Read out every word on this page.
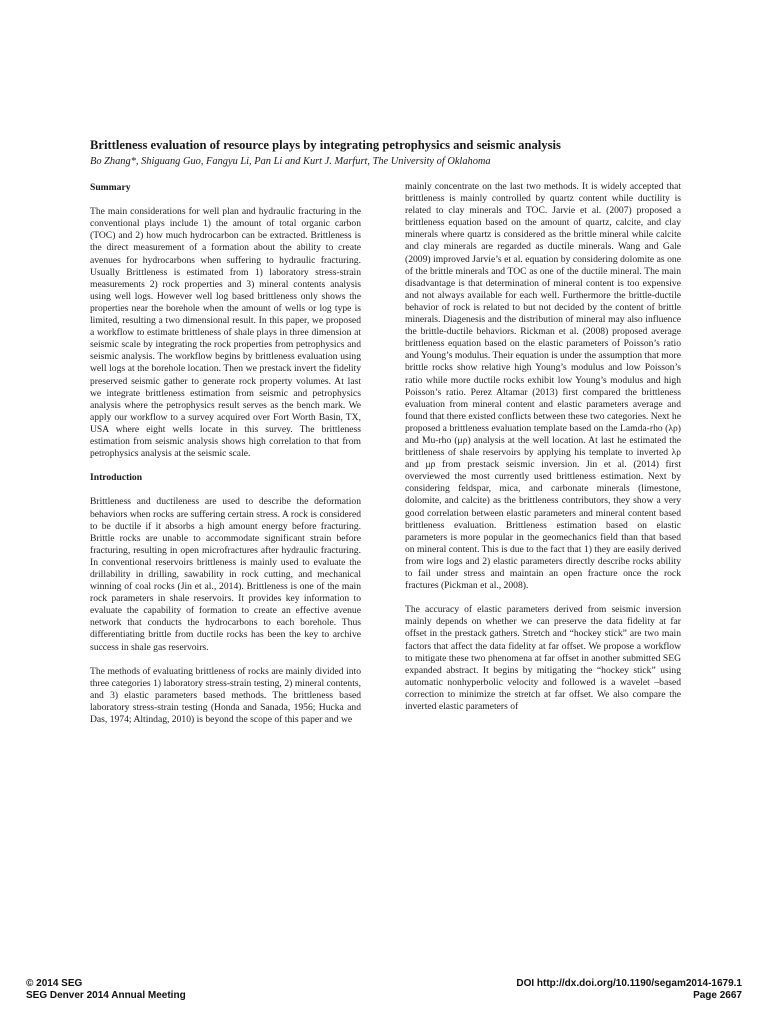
Brittleness evaluation of resource plays by integrating petrophysics and seismic analysis
Bo Zhang*, Shiguang Guo, Fangyu Li, Pan Li and Kurt J. Marfurt, The University of Oklahoma

Summary

The main considerations for well plan and hydraulic fracturing in the conventional plays include 1) the amount of total organic carbon (TOC) and 2) how much hydrocarbon can be extracted. Brittleness is the direct measurement of a formation about the ability to create avenues for hydrocarbons when suffering to hydraulic fracturing. Usually Brittleness is estimated from 1) laboratory stress-strain measurements 2) rock properties and 3) mineral contents analysis using well logs. However well log based brittleness only shows the properties near the borehole when the amount of wells or log type is limited, resulting a two dimensional result. In this paper, we proposed a workflow to estimate brittleness of shale plays in three dimension at seismic scale by integrating the rock properties from petrophysics and seismic analysis. The workflow begins by brittleness evaluation using well logs at the borehole location. Then we prestack invert the fidelity preserved seismic gather to generate rock property volumes. At last we integrate brittleness estimation from seismic and petrophysics analysis where the petrophysics result serves as the bench mark. We apply our workflow to a survey acquired over Fort Worth Basin, TX, USA where eight wells locate in this survey. The brittleness estimation from seismic analysis shows high correlation to that from petrophysics analysis at the seismic scale.

Introduction

Brittleness and ductileness are used to describe the deformation behaviors when rocks are suffering certain stress. A rock is considered to be ductile if it absorbs a high amount energy before fracturing. Brittle rocks are unable to accommodate significant strain before fracturing, resulting in open microfractures after hydraulic fracturing. In conventional reservoirs brittleness is mainly used to evaluate the drillability in drilling, sawability in rock cutting, and mechanical winning of coal rocks (Jin et al., 2014). Brittleness is one of the main rock parameters in shale reservoirs. It provides key information to evaluate the capability of formation to create an effective avenue network that conducts the hydrocarbons to each borehole. Thus differentiating brittle from ductile rocks has been the key to archive success in shale gas reservoirs.

The methods of evaluating brittleness of rocks are mainly divided into three categories 1) laboratory stress-strain testing, 2) mineral contents, and 3) elastic parameters based methods. The brittleness based laboratory stress-strain testing (Honda and Sanada, 1956; Hucka and Das, 1974; Altindag, 2010) is beyond the scope of this paper and we

mainly concentrate on the last two methods. It is widely accepted that brittleness is mainly controlled by quartz content while ductility is related to clay minerals and TOC. Jarvie et al. (2007) proposed a brittleness equation based on the amount of quartz, calcite, and clay minerals where quartz is considered as the brittle mineral while calcite and clay minerals are regarded as ductile minerals. Wang and Gale (2009) improved Jarvie’s et al. equation by considering dolomite as one of the brittle minerals and TOC as one of the ductile mineral. The main disadvantage is that determination of mineral content is too expensive and not always available for each well. Furthermore the brittle-ductile behavior of rock is related to but not decided by the content of brittle minerals. Diagenesis and the distribution of mineral may also influence the brittle-ductile behaviors. Rickman et al. (2008) proposed average brittleness equation based on the elastic parameters of Poisson’s ratio and Young’s modulus. Their equation is under the assumption that more brittle rocks show relative high Young’s modulus and low Poisson’s ratio while more ductile rocks exhibit low Young’s modulus and high Poisson’s ratio. Perez Altamar (2013) first compared the brittleness evaluation from mineral content and elastic parameters average and found that there existed conflicts between these two categories. Next he proposed a brittleness evaluation template based on the Lamda-rho (λρ) and Mu-rho (μρ) analysis at the well location. At last he estimated the brittleness of shale reservoirs by applying his template to inverted λρ and μρ from prestack seismic inversion. Jin et al. (2014) first overviewed the most currently used brittleness estimation. Next by considering feldspar, mica, and carbonate minerals (limestone, dolomite, and calcite) as the brittleness contributors, they show a very good correlation between elastic parameters and mineral content based brittleness evaluation. Brittleness estimation based on elastic parameters is more popular in the geomechanics field than that based on mineral content. This is due to the fact that 1) they are easily derived from wire logs and 2) elastic parameters directly describe rocks ability to fail under stress and maintain an open fracture once the rock fractures (Pickman et al., 2008).

The accuracy of elastic parameters derived from seismic inversion mainly depends on whether we can preserve the data fidelity at far offset in the prestack gathers. Stretch and “hockey stick” are two main factors that affect the data fidelity at far offset. We propose a workflow to mitigate these two phenomena at far offset in another submitted SEG expanded abstract. It begins by mitigating the “hockey stick” using automatic nonhyperbolic velocity and followed is a wavelet –based correction to minimize the stretch at far offset. We also compare the inverted elastic parameters of

© 2014 SEG
SEG Denver 2014 Annual Meeting
DOI http://dx.doi.org/10.1190/segam2014-1679.1
Page 2667
